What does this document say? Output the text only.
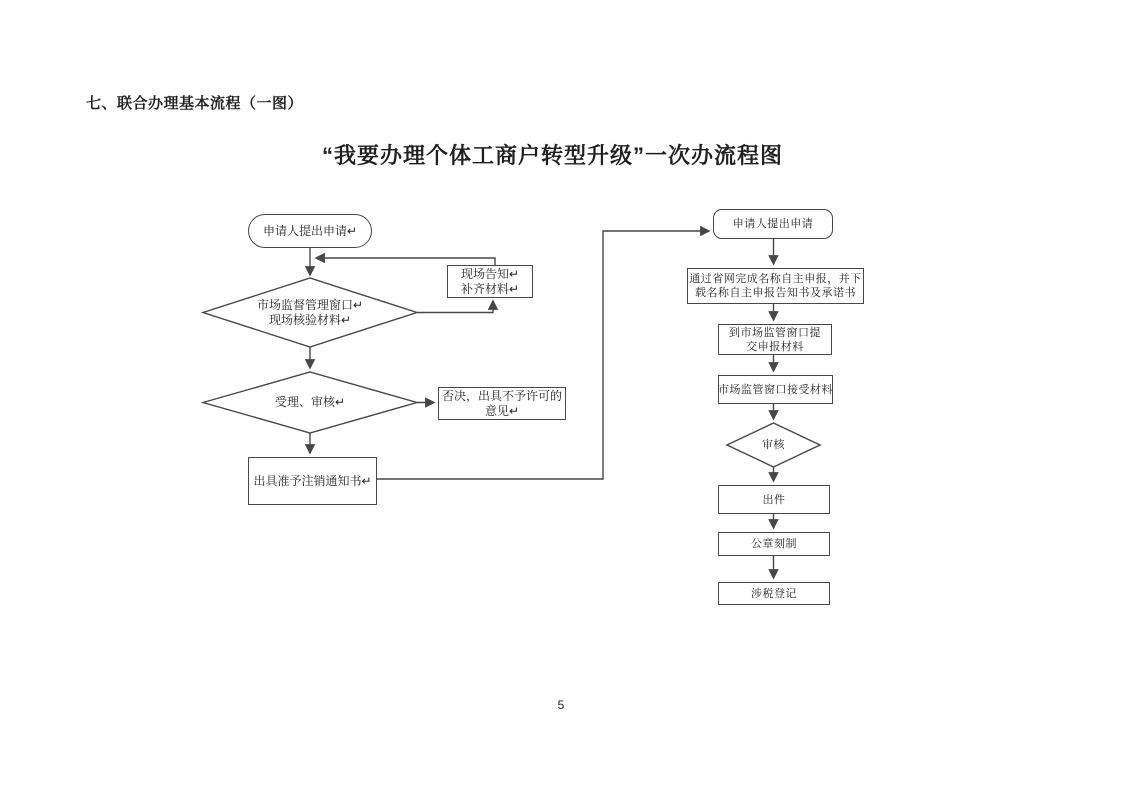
七、联合办理基本流程（一图）
“我要办理个体工商户转型升级”一次办流程图
申请人提出申请↵
市场监督管理窗口↵
现场核验材料↵
现场告知↵
补齐材料↵
受理、审核↵	否决，出具不予许可的
意见↵
出具准予注销通知书↵
申请人提出申请
通过省网完成名称自主申报，并下
载名称自主申报告知书及承诺书
到市场监管窗口提
交申报材料
市场监管窗口接受材料
审核
出件
公章刻制
涉税登记
5
